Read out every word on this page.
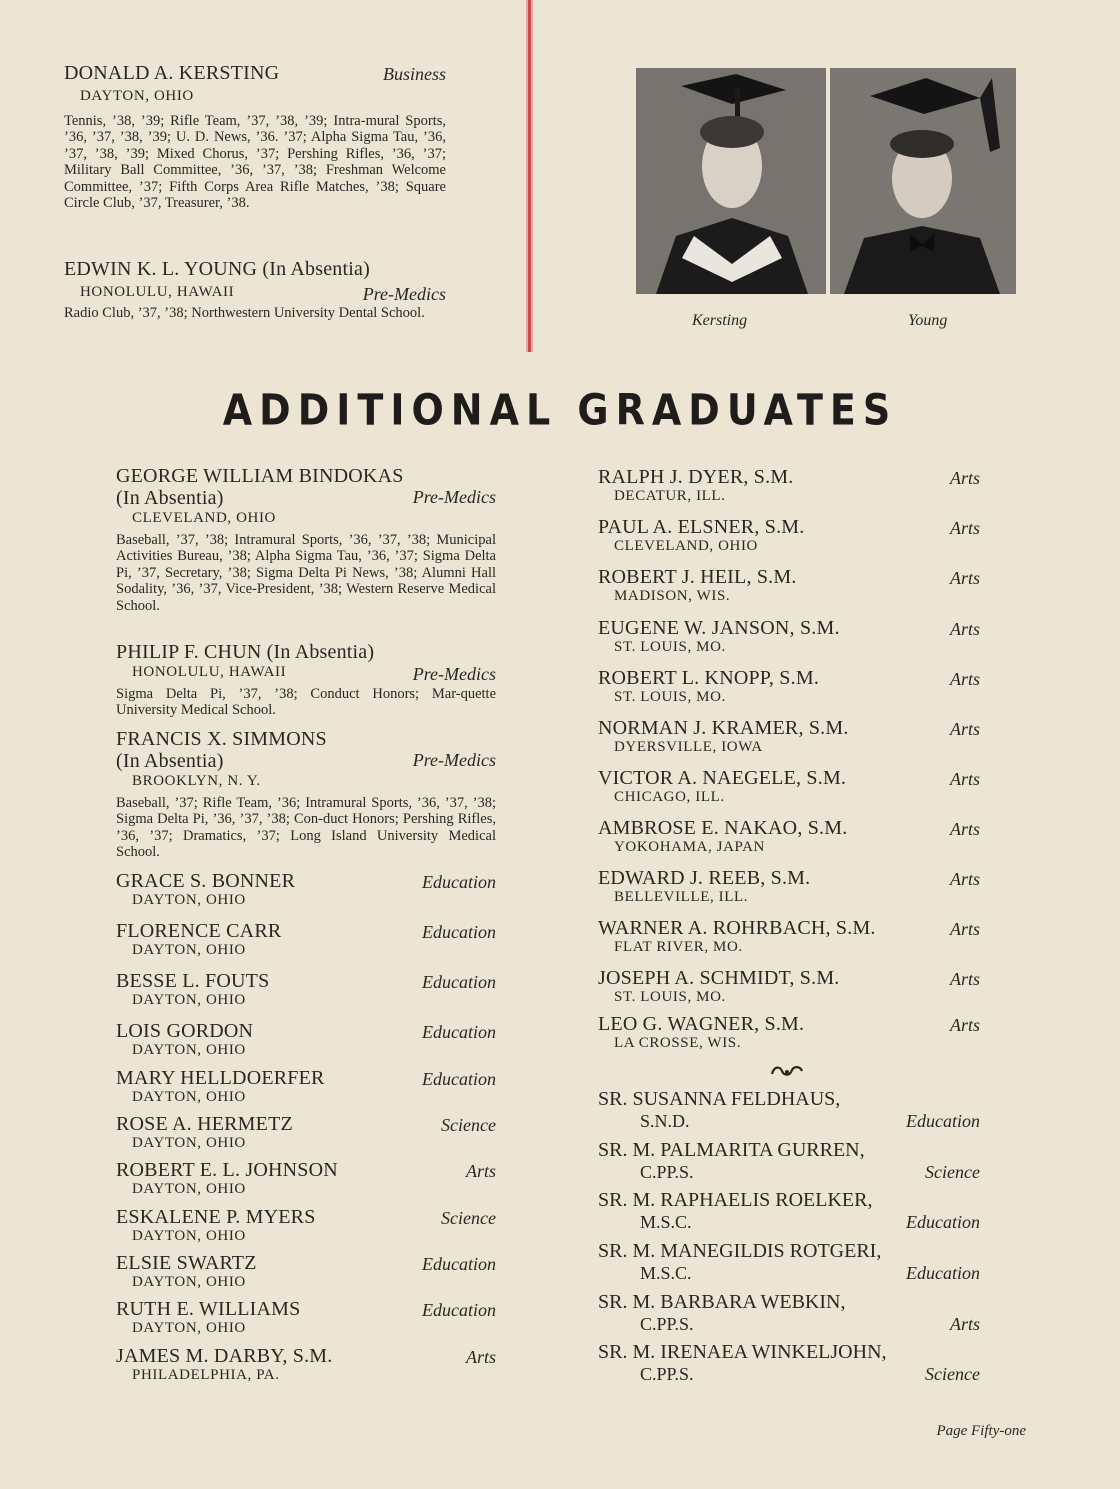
DONALD A. KERSTING	Business
DAYTON, OHIO
Tennis, ’38, ’39; Rifle Team, ’37, ’38, ’39; Intra-mural Sports, ’36, ’37, ’38, ’39; U. D. News, ’36. ’37; Alpha Sigma Tau, ’36, ’37, ’38, ’39; Mixed Chorus, ’37; Pershing Rifles, ’36, ’37; Military Ball Committee, ’36, ’37, ’38; Freshman Welcome Committee, ’37; Fifth Corps Area Rifle Matches, ’38; Square Circle Club, ’37, Treasurer, ’38.
EDWIN K. L. YOUNG (In Absentia)
HONOLULU, HAWAII	Pre-Medics
Radio Club, ’37, ’38; Northwestern University Dental School.	Kersting	Young
ADDITIONAL GRADUATES
GEORGE WILLIAM BINDOKAS
(In Absentia)	Pre-Medics
CLEVELAND, OHIO
Baseball, ’37, ’38; Intramural Sports, ’36, ’37, ’38; Municipal Activities Bureau, ’38; Alpha Sigma Tau, ’36, ’37; Sigma Delta Pi, ’37, Secretary, ’38; Sigma Delta Pi News, ’38; Alumni Hall Sodality, ’36, ’37, Vice-President, ’38; Western Reserve Medical School.
PHILIP F. CHUN (In Absentia)
HONOLULU, HAWAII	Pre-Medics
Sigma Delta Pi, ’37, ’38; Conduct Honors; Mar-quette University Medical School.
FRANCIS X. SIMMONS
(In Absentia)	Pre-Medics
BROOKLYN, N. Y.
Baseball, ’37; Rifle Team, ’36; Intramural Sports, ’36, ’37, ’38; Sigma Delta Pi, ’36, ’37, ’38; Con-duct Honors; Pershing Rifles, ’36, ’37; Dramatics, ’37; Long Island University Medical School.
GRACE S. BONNER	Education
DAYTON, OHIO
FLORENCE CARR	Education
DAYTON, OHIO
BESSE L. FOUTS	Education
DAYTON, OHIO
LOIS GORDON	Education
DAYTON, OHIO
MARY HELLDOERFER	Education
DAYTON, OHIO
ROSE A. HERMETZ	Science
DAYTON, OHIO
ROBERT E. L. JOHNSON	Arts
DAYTON, OHIO
ESKALENE P. MYERS	Science
DAYTON, OHIO
ELSIE SWARTZ	Education
DAYTON, OHIO
RUTH E. WILLIAMS	Education
DAYTON, OHIO
JAMES M. DARBY, S.M.	Arts
PHILADELPHIA, PA.
RALPH J. DYER, S.M.	Arts
DECATUR, ILL.
PAUL A. ELSNER, S.M.	Arts
CLEVELAND, OHIO
ROBERT J. HEIL, S.M.	Arts
MADISON, WIS.
EUGENE W. JANSON, S.M.	Arts
ST. LOUIS, MO.
ROBERT L. KNOPP, S.M.	Arts
ST. LOUIS, MO.
NORMAN J. KRAMER, S.M.	Arts
DYERSVILLE, IOWA
VICTOR A. NAEGELE, S.M.	Arts
CHICAGO, ILL.
AMBROSE E. NAKAO, S.M.	Arts
YOKOHAMA, JAPAN
EDWARD J. REEB, S.M.	Arts
BELLEVILLE, ILL.
WARNER A. ROHRBACH, S.M.	Arts
FLAT RIVER, MO.
JOSEPH A. SCHMIDT, S.M.	Arts
ST. LOUIS, MO.
LEO G. WAGNER, S.M.	Arts
LA CROSSE, WIS.
SR. SUSANNA FELDHAUS,
S.N.D.	Education
SR. M. PALMARITA GURREN,
C.PP.S.	Science
SR. M. RAPHAELIS ROELKER,
M.S.C.	Education
SR. M. MANEGILDIS ROTGERI,
M.S.C.	Education
SR. M. BARBARA WEBKIN,
C.PP.S.	Arts
SR. M. IRENAEA WINKELJOHN,
C.PP.S.	Science
Page Fifty-one
